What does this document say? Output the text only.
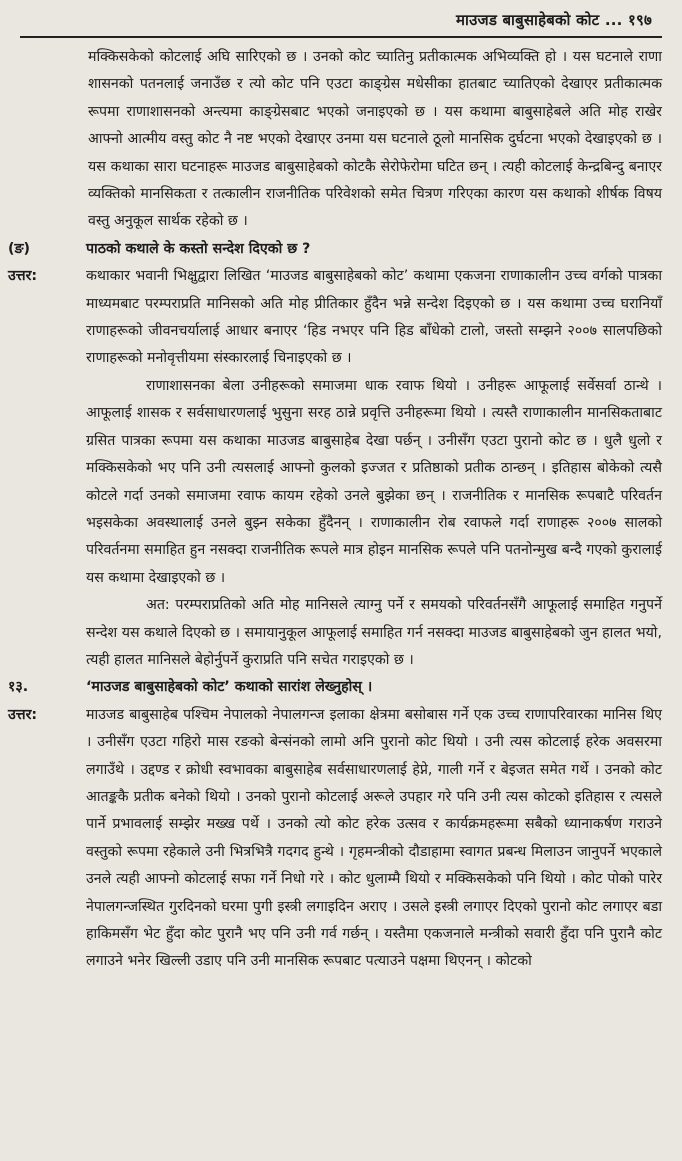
माउजड बाबुसाहेबको कोट ... १९७

मक्किसकेको कोटलाई अघि सारिएको छ । उनको कोट च्यातिनु प्रतीकात्मक अभिव्यक्ति हो । यस घटनाले राणा शासनको पतनलाई जनाउँछ र त्यो कोट पनि एउटा काङ्ग्रेस मधेसीका हातबाट च्यातिएको देखाएर प्रतीकात्मक रूपमा राणाशासनको अन्त्यमा काङ्ग्रेसबाट भएको जनाइएको छ । यस कथामा बाबुसाहेबले अति मोह राखेर आफ्नो आत्मीय वस्तु कोट नै नष्ट भएको देखाएर उनमा यस घटनाले ठूलो मानसिक दुर्घटना भएको देखाइएको छ । यस कथाका सारा घटनाहरू माउजड बाबुसाहेबको कोटकै सेरोफेरोमा घटित छन् । त्यही कोटलाई केन्द्रबिन्दु बनाएर व्यक्तिको मानसिकता र तत्कालीन राजनीतिक परिवेशको समेत चित्रण गरिएका कारण यस कथाको शीर्षक विषय वस्तु अनुकूल सार्थक रहेको छ ।

(ङ)	पाठको कथाले के कस्तो सन्देश दिएको छ ?
उत्तर:	कथाकार भवानी भिक्षुद्वारा लिखित ‘माउजड बाबुसाहेबको कोट’ कथामा एकजना राणाकालीन उच्च वर्गको पात्रका माध्यमबाट परम्पराप्रति मानिसको अति मोह प्रीतिकार हुँदैन भन्ने सन्देश दिइएको छ । यस कथामा उच्च घरानियाँ राणाहरूको जीवनचर्यालाई आधार बनाएर ‘हिड नभएर पनि हिड बाँधेको टालो, जस्तो सम्झने २००७ सालपछिको राणाहरूको मनोवृत्तीयमा संस्कारलाई चिनाइएको छ ।

राणाशासनका बेला उनीहरूको समाजमा धाक रवाफ थियो । उनीहरू आफूलाई सर्वेसर्वा ठान्थे । आफूलाई शासक र सर्वसाधारणलाई भुसुना सरह ठान्ने प्रवृत्ति उनीहरूमा थियो । त्यस्तै राणाकालीन मानसिकताबाट ग्रसित पात्रका रूपमा यस कथाका माउजड बाबुसाहेब देखा पर्छन् । उनीसँग एउटा पुरानो कोट छ । धुलै धुलो र मक्किसकेको भए पनि उनी त्यसलाई आफ्नो कुलको इज्जत र प्रतिष्ठाको प्रतीक ठान्छन् । इतिहास बोकेको त्यसै कोटले गर्दा उनको समाजमा रवाफ कायम रहेको उनले बुझेका छन् । राजनीतिक र मानसिक रूपबाटै परिवर्तन भइसकेका अवस्थालाई उनले बुझ्न सकेका हुँदैनन् । राणाकालीन रोब रवाफले गर्दा राणाहरू २००७ सालको परिवर्तनमा समाहित हुन नसक्दा राजनीतिक रूपले मात्र होइन मानसिक रूपले पनि पतनोन्मुख बन्दै गएको कुरालाई यस कथामा देखाइएको छ ।

अत: परम्पराप्रतिको अति मोह मानिसले त्याग्नु पर्ने र समयको परिवर्तनसँगै आफूलाई समाहित गनुपर्ने सन्देश यस कथाले दिएको छ । समायानुकूल आफूलाई समाहित गर्न नसक्दा माउजड बाबुसाहेबको जुन हालत भयो, त्यही हालत मानिसले बेहोर्नुपर्ने कुराप्रति पनि सचेत गराइएको छ ।

१३.	‘माउजड बाबुसाहेबको कोट’ कथाको सारांश लेख्नुहोस् ।
उत्तर:	माउजड बाबुसाहेब पश्चिम नेपालको नेपालगन्ज इलाका क्षेत्रमा बसोबास गर्ने एक उच्च राणापरिवारका मानिस थिए । उनीसँग एउटा गहिरो मास रङको बेन्संनको लामो अनि पुरानो कोट थियो । उनी त्यस कोटलाई हरेक अवसरमा लगाउँथे । उद्दण्ड र क्रोधी स्वभावका बाबुसाहेब सर्वसाधारणलाई हेप्ने, गाली गर्ने र बेइजत समेत गर्थे । उनको कोट आतङ्ककै प्रतीक बनेको थियो । उनको पुरानो कोटलाई अरूले उपहार गरे पनि उनी त्यस कोटको इतिहास र त्यसले पार्ने प्रभावलाई सम्झेर मख्ख पर्थे । उनको त्यो कोट हरेक उत्सव र कार्यक्रमहरूमा सबैको ध्यानाकर्षण गराउने वस्तुको रूपमा रहेकाले उनी भित्रभित्रै गदगद हुन्थे । गृहमन्त्रीको दौडाहामा स्वागत प्रबन्ध मिलाउन जानुपर्ने भएकाले उनले त्यही आफ्नो कोटलाई सफा गर्ने निधो गरे । कोट धुलाम्मै थियो र मक्किसकेको पनि थियो । कोट पोको पारेर नेपालगन्जस्थित गुरदिनको घरमा पुगी इस्त्री लगाइदिन अराए । उसले इस्त्री लगाएर दिएको पुरानो कोट लगाएर बडा हाकिमसँग भेट हुँदा कोट पुरानै भए पनि उनी गर्व गर्छन् । यस्तैमा एकजनाले मन्त्रीको सवारी हुँदा पनि पुरानै कोट लगाउने भनेर खिल्ली उडाए पनि उनी मानसिक रूपबाट पत्याउने पक्षमा थिएनन् । कोटको
